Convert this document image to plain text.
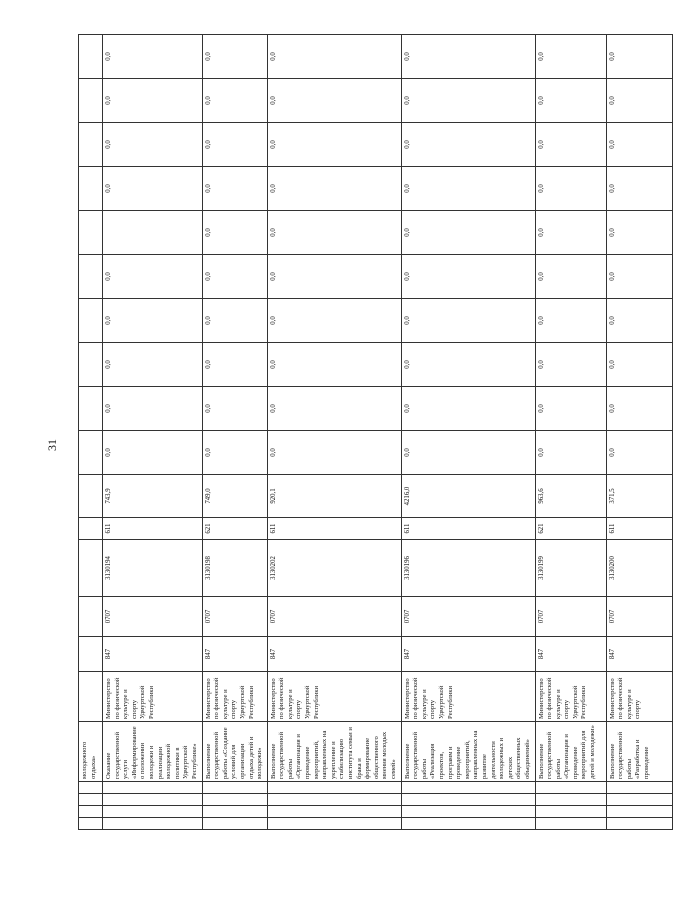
31
				молодежного отдыха»																
				Оказание государственной услуги «Информирование о положении молодежи и реализации молодежной политики в Удмуртской Республике»	Министерство по физической культуре и спорту Удмуртской Республики	847	0707	3130194	611	743,9	0,0	0,0	0,0	0,0	0,0		0,0	0,0	0,0	0,0
				Выполнение государственной работы «Создание условий для организации отдыха детей и молодежи»	Министерство по физической культуре и спорту Удмуртской Республики	847	0707	3130198	621	749,0	0,0	0,0	0,0	0,0	0,0	0,0	0,0	0,0	0,0	0,0
				Выполнение государственной работы «Организация и проведение мероприятий, направленных на укрепление и стабилизацию института семьи и брака и формирование общественного мнения молодых семей»	Министерство по физической культуре и спорту Удмуртской Республики	847	0707	3130202	611	920,1	0,0	0,0	0,0	0,0	0,0	0,0	0,0	0,0	0,0	0,0
				Выполнение государственной работы «Реализация проектов, программ и проведение мероприятий, направленных на развитие деятельности молодежных и детских общественных объединений»	Министерство по физической культуре и спорту Удмуртской Республики	847	0707	3130196	611	4216,0	0,0	0,0	0,0	0,0	0,0	0,0	0,0	0,0	0,0	0,0
				Выполнение государственной работы «Организация и проведение мероприятий для детей и молодежи»	Министерство по физической культуре и спорту Удмуртской Республики	847	0707	3130199	621	963,6	0,0	0,0	0,0	0,0	0,0	0,0	0,0	0,0	0,0	0,0
				Выполнение государственной работы «Разработка и проведение	Министерство по физической культуре и спорту	847	0707	3130200	611	371,5	0,0	0,0	0,0	0,0	0,0	0,0	0,0	0,0	0,0	0,0
